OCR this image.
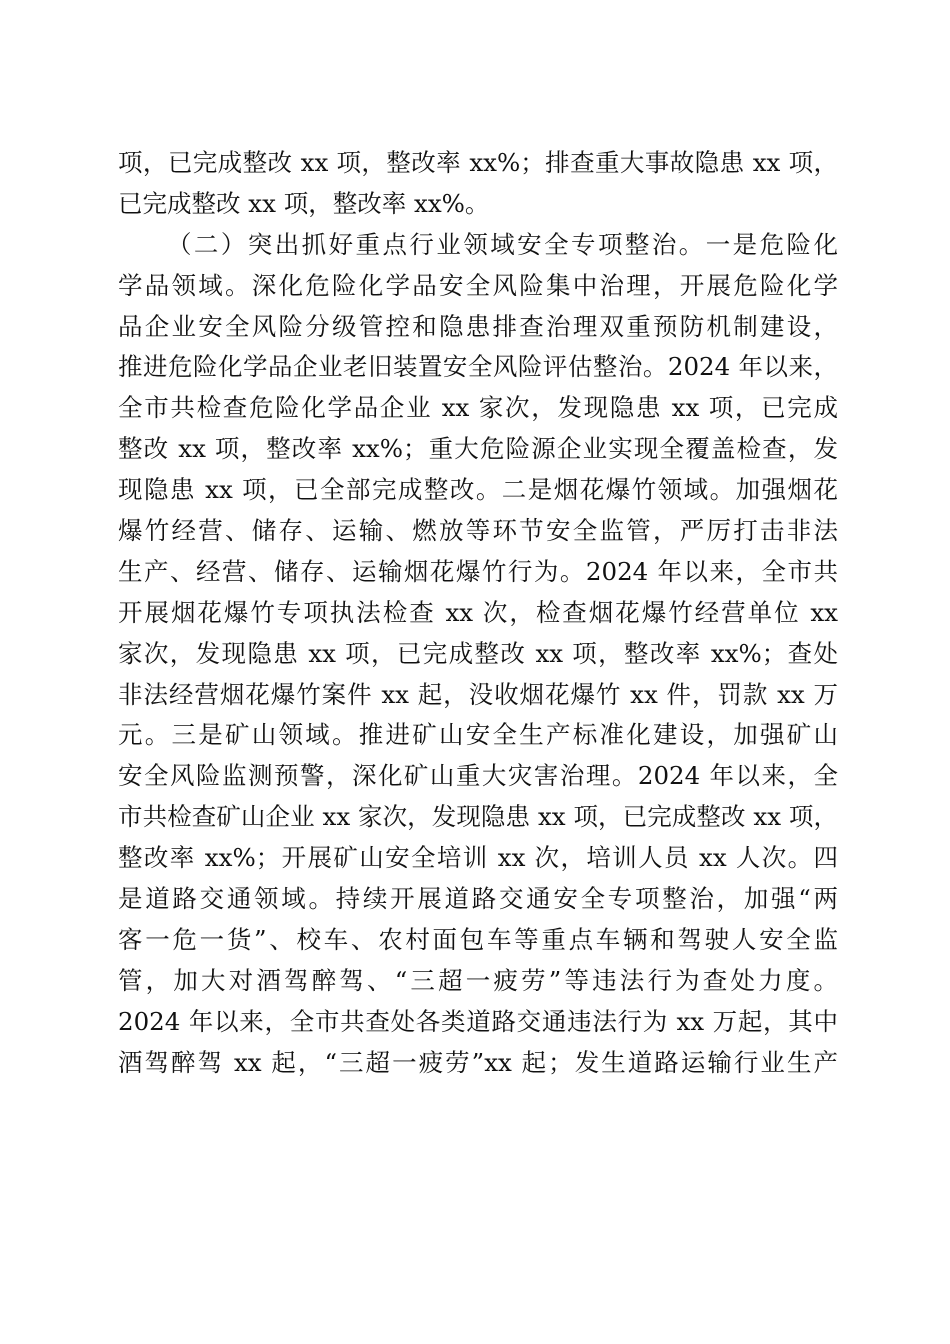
项，已完成整改 xx 项，整改率 xx%；排查重大事故隐患 xx 项，
已完成整改 xx 项，整改率 xx%。
（二）突出抓好重点行业领域安全专项整治。一是危险化
学品领域。深化危险化学品安全风险集中治理，开展危险化学
品企业安全风险分级管控和隐患排查治理双重预防机制建设，
推进危险化学品企业老旧装置安全风险评估整治。2024 年以来，
全市共检查危险化学品企业 xx 家次，发现隐患 xx 项，已完成
整改 xx 项，整改率 xx%；重大危险源企业实现全覆盖检查，发
现隐患 xx 项，已全部完成整改。二是烟花爆竹领域。加强烟花
爆竹经营、储存、运输、燃放等环节安全监管，严厉打击非法
生产、经营、储存、运输烟花爆竹行为。2024 年以来，全市共
开展烟花爆竹专项执法检查 xx 次，检查烟花爆竹经营单位 xx
家次，发现隐患 xx 项，已完成整改 xx 项，整改率 xx%；查处
非法经营烟花爆竹案件 xx 起，没收烟花爆竹 xx 件，罚款 xx 万
元。三是矿山领域。推进矿山安全生产标准化建设，加强矿山
安全风险监测预警，深化矿山重大灾害治理。2024 年以来，全
市共检查矿山企业 xx 家次，发现隐患 xx 项，已完成整改 xx 项，
整改率 xx%；开展矿山安全培训 xx 次，培训人员 xx 人次。四
是道路交通领域。持续开展道路交通安全专项整治，加强“两
客一危一货”、校车、农村面包车等重点车辆和驾驶人安全监
管，加大对酒驾醉驾、“三超一疲劳”等违法行为查处力度。
2024 年以来，全市共查处各类道路交通违法行为 xx 万起，其中
酒驾醉驾 xx 起，“三超一疲劳”xx 起；发生道路运输行业生产
